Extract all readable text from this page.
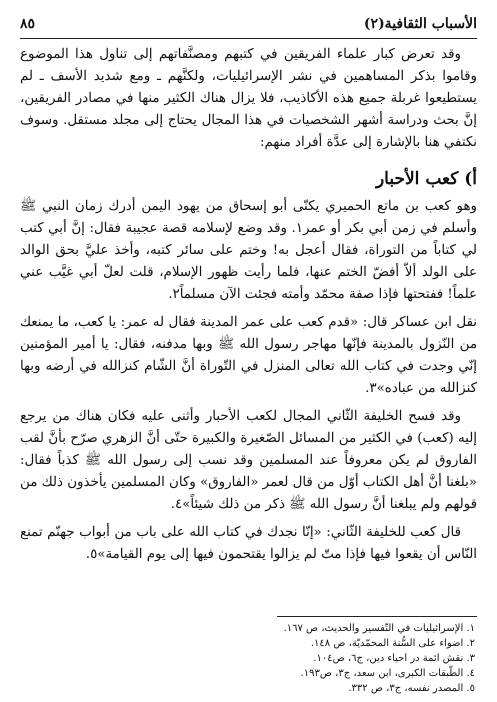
الأسباب الثقافية(٢)
٨٥

وقد تعرض كبار علماء الفريقين في كتبهم ومصنَّفاتهم إلى تناول هذا الموضوع وقاموا بذكر المساهمين في نشر الإسرائيليات، ولكنَّهم ـ ومع شديد الأسف ـ لم يستطيعوا غربلة جميع هذه الأكاذيب، فلا يزال هناك الكثير منها في مصادر الفريقين، إنَّ بحث ودراسة أشهر الشخصيات في هذا المجال يحتاج إلى مجلد مستقل. وسوف نكتفي هنا بالإشارة إلى عدَّة أفراد منهم:

أ) كعب الأحبار

وهو كعب بن ماتع الحميري يكنّى أبو إسحاق من يهود اليمن أدرك زمان النبي ﷺ وأسلم في زمن أبي بكر أو عمر١. وقد وضع لإسلامه قصة عجيبة فقال: إنَّ أبي كتب لي كتاباً من التوراة، فقال أعجل به! وختم على سائر كتبه، وأخذ عليَّ بحق الوالد على الولد ألاّ أفضّ الختم عنها، فلما رأيت ظهور الإسلام، قلت لعلّ أبي غيَّب عني علماً! ففتحتها فإذا صفة محمّد وأمته فجئت الآن مسلماً٢.

نقل ابن عساكر قال: «قدم كعب على عمر المدينة فقال له عمر: يا كعب، ما يمنعك من النّزول بالمدينة فإنّها مهاجر رسول الله ﷺ وبها مدفنه، فقال: يا أمير المؤمنين إنّي وجدت في كتاب الله تعالى المنزل في التّوراة أنَّ الشّام كنزالله في أرضه وبها كنزالله من عباده»٣.

وقد فسح الخليفة الثّاني المجال لكعب الأحبار وأثنى عليه فكان هناك من يرجع إليه (كعب) في الكثير من المسائل الصّغيرة والكبيرة حتّى أنَّ الزهري صرّح بأنَّ لقب الفاروق لم يكن معروفاً عند المسلمين وقد نسب إلى رسول الله ﷺ كذباً فقال: «بلغنا أنَّ أهل الكتاب أوّل من قال لعمر «الفاروق» وكان المسلمين يأخذون ذلك من قولهم ولم يبلغنا أنَّ رسول الله ﷺ ذكر من ذلك شيئاً»٤.

قال كعب للخليفة الثّاني: «إنّا نجدك في كتاب الله على باب من أبواب جهنّم تمنع النّاس أن يقعوا فيها فإذا متّ لم يزالوا يقتحمون فيها إلى يوم القيامة»٥.

١. الإسرائيليات في التّفسير والحديث، ص ١٦٧.
٢. اضواء على السُّنة المحمّديّة، ص ١٤٨.
٣. نقش ائمة در احياء دين، ج٦، ص١٠٤.
٤. الطّبقات الكبرى، ابن سعد، ج٣، ص١٩٣.
٥. المصدر نفسه، ج٣، ص ٣٣٢.
